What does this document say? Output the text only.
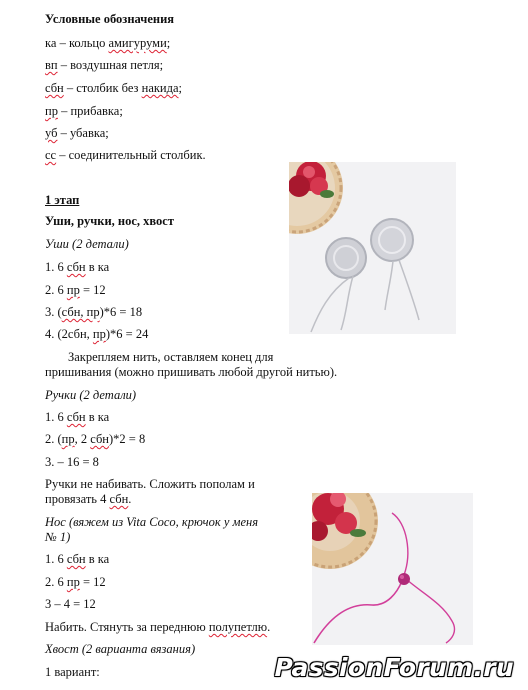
Условные обозначения
ка – кольцо амигуруми;
вп – воздушная петля;
сбн – столбик без накида;
пр – прибавка;
уб – убавка;
сс – соединительный столбик.
1 этап
Уши, ручки, нос, хвост
Уши (2 детали)
1. 6 сбн в ка
2. 6 пр = 12
3. (сбн, пр)*6 = 18
4. (2сбн, пр)*6 = 24
Закрепляем нить, оставляем конец для
пришивания (можно пришивать любой другой нитью).
Ручки (2 детали)
1. 6 сбн в ка
2. (пр, 2 сбн)*2 = 8
3. – 16 = 8
Ручки не набивать. Сложить пополам и
провязать 4 сбн.
Нос (вяжем из Vita Coco, крючок у меня
№ 1)
1. 6 сбн в ка
2. 6 пр = 12
3 – 4 = 12
Набить. Стянуть за переднюю полупетлю.
Хвост (2 варианта вязания)
1 вариант:	PassionForum.ru
